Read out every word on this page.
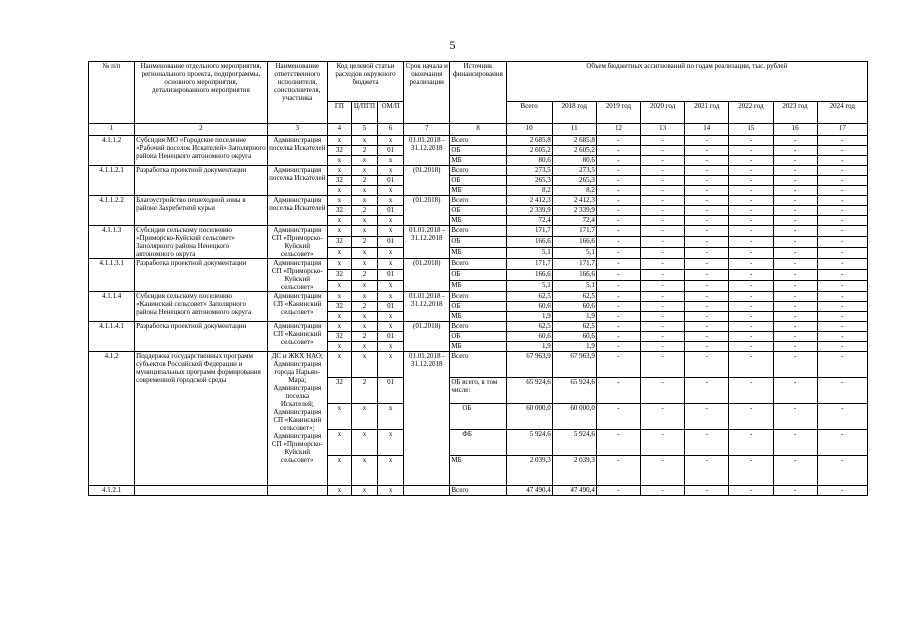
5
№ п/п	Наименование отдельного мероприятия, регионального проекта, подпрограммы, основного мероприятия, детализированного мероприятия	Наименование ответственного исполнителя, соисполнителя, участника	Код целевой статьи расходов окружного бюджета			Срок начала и окончания реализации	Источник финансирования	Объем бюджетных ассигнований по годам реализации, тыс. рублей							
			ГП	Ц/ПГП	ОМ/П			Всего	2018 год	2019 год	2020 год	2021 год	2022 год	2023 год	2024 год
1	2	3	4	5	6	7	8	10	11	12	13	14	15	16	17
4.1.1.2	Субсидия МО «Городское поселение «Рабочий поселок Искателей» Заполярного района Ненецкого автономного округа	Администрация поселка Искателей	х	х	х	01.01.2018 - 31.12.2018	Всего	2 685,8	2 685,8	-	-	-	-	-	-
			32	2	01		ОБ	2 605,2	2 605,2	-	-	-	-	-	-
			х	х	х		МБ	80,6	80,6	-	-	-	-	-	-
4.1.1.2.1	Разработка проектной документации	Администрация поселка Искателей	х	х	х	(01.2018)	Всего	273,5	273,5	-	-	-	-	-	-
			32	2	01		ОБ	265,3	265,3	-	-	-	-	-	-
			х	х	х		МБ	8,2	8,2	-	-	-	-	-	-
4.1.1.2.2	Благоустройство пешеходной зоны в районе Захребетной курьи	Администрация поселка Искателей	х	х	х	(01.2018)	Всего	2 412,3	2 412,3	-	-	-	-	-	-
			32	2	01		ОБ	2 339,9	2 339,9	-	-	-	-	-	-
			х	х	х		МБ	72,4	72,4	-	-	-	-	-	-
4.1.1.3	Субсидия сельскому поселению «Приморско-Куйский сельсовет» Заполярного района Ненецкого автономного округа	Администрация СП «Приморско-Куйский сельсовет»	х	х	х	01.01.2018 - 31.12.2018	Всего	171,7	171,7	-	-	-	-	-	-
			32	2	01		ОБ	166,6	166,6	-	-	-	-	-	-
			х	х	х		МБ	5,1	5,1	-	-	-	-	-	-
4.1.1.3.1	Разработка проектной документации	Администрация СП «Приморско-Куйский сельсовет»	х	х	х	(01.2018)	Всего	171,7	171,7	-	-	-	-	-	-
			32	2	01		ОБ	166,6	166,6	-	-	-	-	-	-
			х	х	х		МБ	5,1	5,1	-	-	-	-	-	-
4.1.1.4	Субсидия сельскому поселению «Канинский сельсовет» Заполярного района Ненецкого автономного округа	Администрация СП «Канинский сельсовет»	х	х	х	01.01.2018 - 31.12.2018	Всего	62,5	62,5	-	-	-	-	-	-
			32	2	01		ОБ	60,6	60,6	-	-	-	-	-	-
			х	х	х		МБ	1,9	1,9	-	-	-	-	-	-
4.1.1.4.1	Разработка проектной документации	Администрация СП «Канинский сельсовет»	х	х	х	(01.2018)	Всего	62,5	62,5	-	-	-	-	-	-
			32	2	01		ОБ	60,6	60,6	-	-	-	-	-	-
			х	х	х		МБ	1,9	1,9	-	-	-	-	-	-
4.1.2	Поддержка государственных программ субъектов Российской Федерации и муниципальных программ формирования современной городской среды	ДС и ЖКХ НАО; Администрация города Нарьян-Мара; Администрация поселка Искателей; Администрация СП «Канинский сельсовет»; Администрация СП «Приморско-Куйский сельсовет»	х	х	х	01.01.2018 - 31.12.2018	Всего	67 963,9	67 963,9	-	-	-	-	-	-
			32	2	01		ОБ всего, в том числе:	65 924,6	65 924,6	-	-	-	-	-	-
			х	х	х		ОБ	60 000,0	60 000,0	-	-	-	-	-	-
			х	х	х		ФБ	5 924,6	5 924,6	-	-	-	-	-	-
			х	х	х		МБ	2 039,3	2 039,3	-	-	-	-	-	-
4.1.2.1			х	х	х		Всего	47 490,4	47 490,4	-	-	-	-	-	-
